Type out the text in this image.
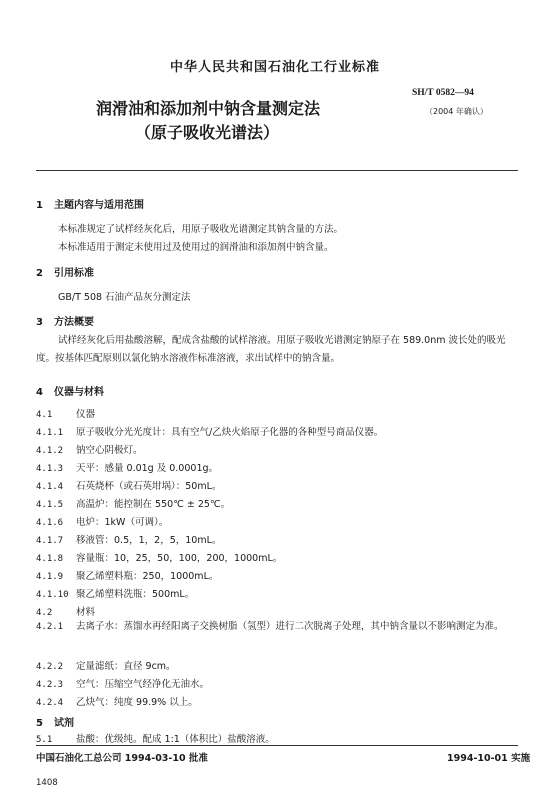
中华人民共和国石油化工行业标准
润滑油和添加剂中钠含量测定法
（原子吸收光谱法）
SH/T 0582—94
（2004 年确认）
1 主题内容与适用范围
本标准规定了试样经灰化后，用原子吸收光谱测定其钠含量的方法。
本标准适用于测定未使用过及使用过的润滑油和添加剂中钠含量。
2 引用标准
GB/T 508 石油产品灰分测定法
3 方法概要
试样经灰化后用盐酸溶解，配成含盐酸的试样溶液。用原子吸收光谱测定钠原子在 589.0nm 波长处的吸光度。按基体匹配原则以氯化钠水溶液作标准溶液，求出试样中的钠含量。
4 仪器与材料
4.1 仪器
4.1.1 原子吸收分光光度计：具有空气/乙炔火焰原子化器的各种型号商品仪器。
4.1.2 钠空心阴极灯。
4.1.3 天平：感量 0.01g 及 0.0001g。
4.1.4 石英烧杯（或石英坩埚）：50mL。
4.1.5 高温炉：能控制在 550℃ ± 25℃。
4.1.6 电炉：1kW（可调）。
4.1.7 移液管：0.5，1，2，5，10mL。
4.1.8 容量瓶：10，25，50，100，200，1000mL。
4.1.9 聚乙烯塑料瓶：250，1000mL。
4.1.10 聚乙烯塑料洗瓶：500mL。
4.2 材料
4.2.1 去离子水：蒸馏水再经阳离子交换树脂（氢型）进行二次脱离子处理，其中钠含量以不影响测定为准。
4.2.2 定量滤纸：直径 9cm。
4.2.3 空气：压缩空气经净化无油水。
4.2.4 乙炔气：纯度 99.9% 以上。
5 试剂
5.1 盐酸：优级纯。配成 1:1（体积比）盐酸溶液。
中国石油化工总公司 1994-03-10 批准	1994-10-01 实施
1408
